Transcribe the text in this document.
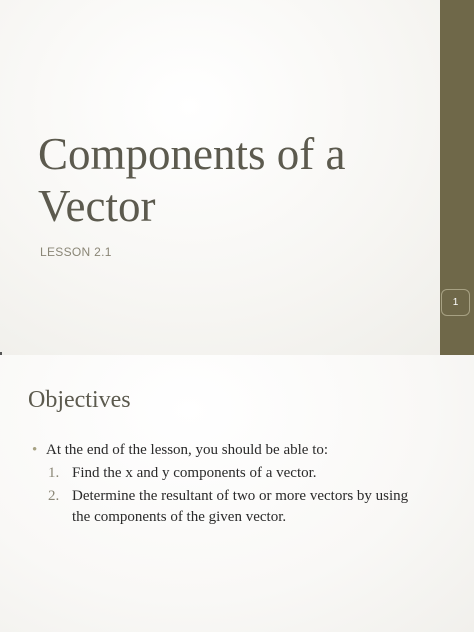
Components of a Vector

LESSON 2.1

1
Objectives

• At the end of the lesson, you should be able to:

1. Find the x and y components of a vector.
2. Determine the resultant of two or more vectors by using the components of the given vector.
